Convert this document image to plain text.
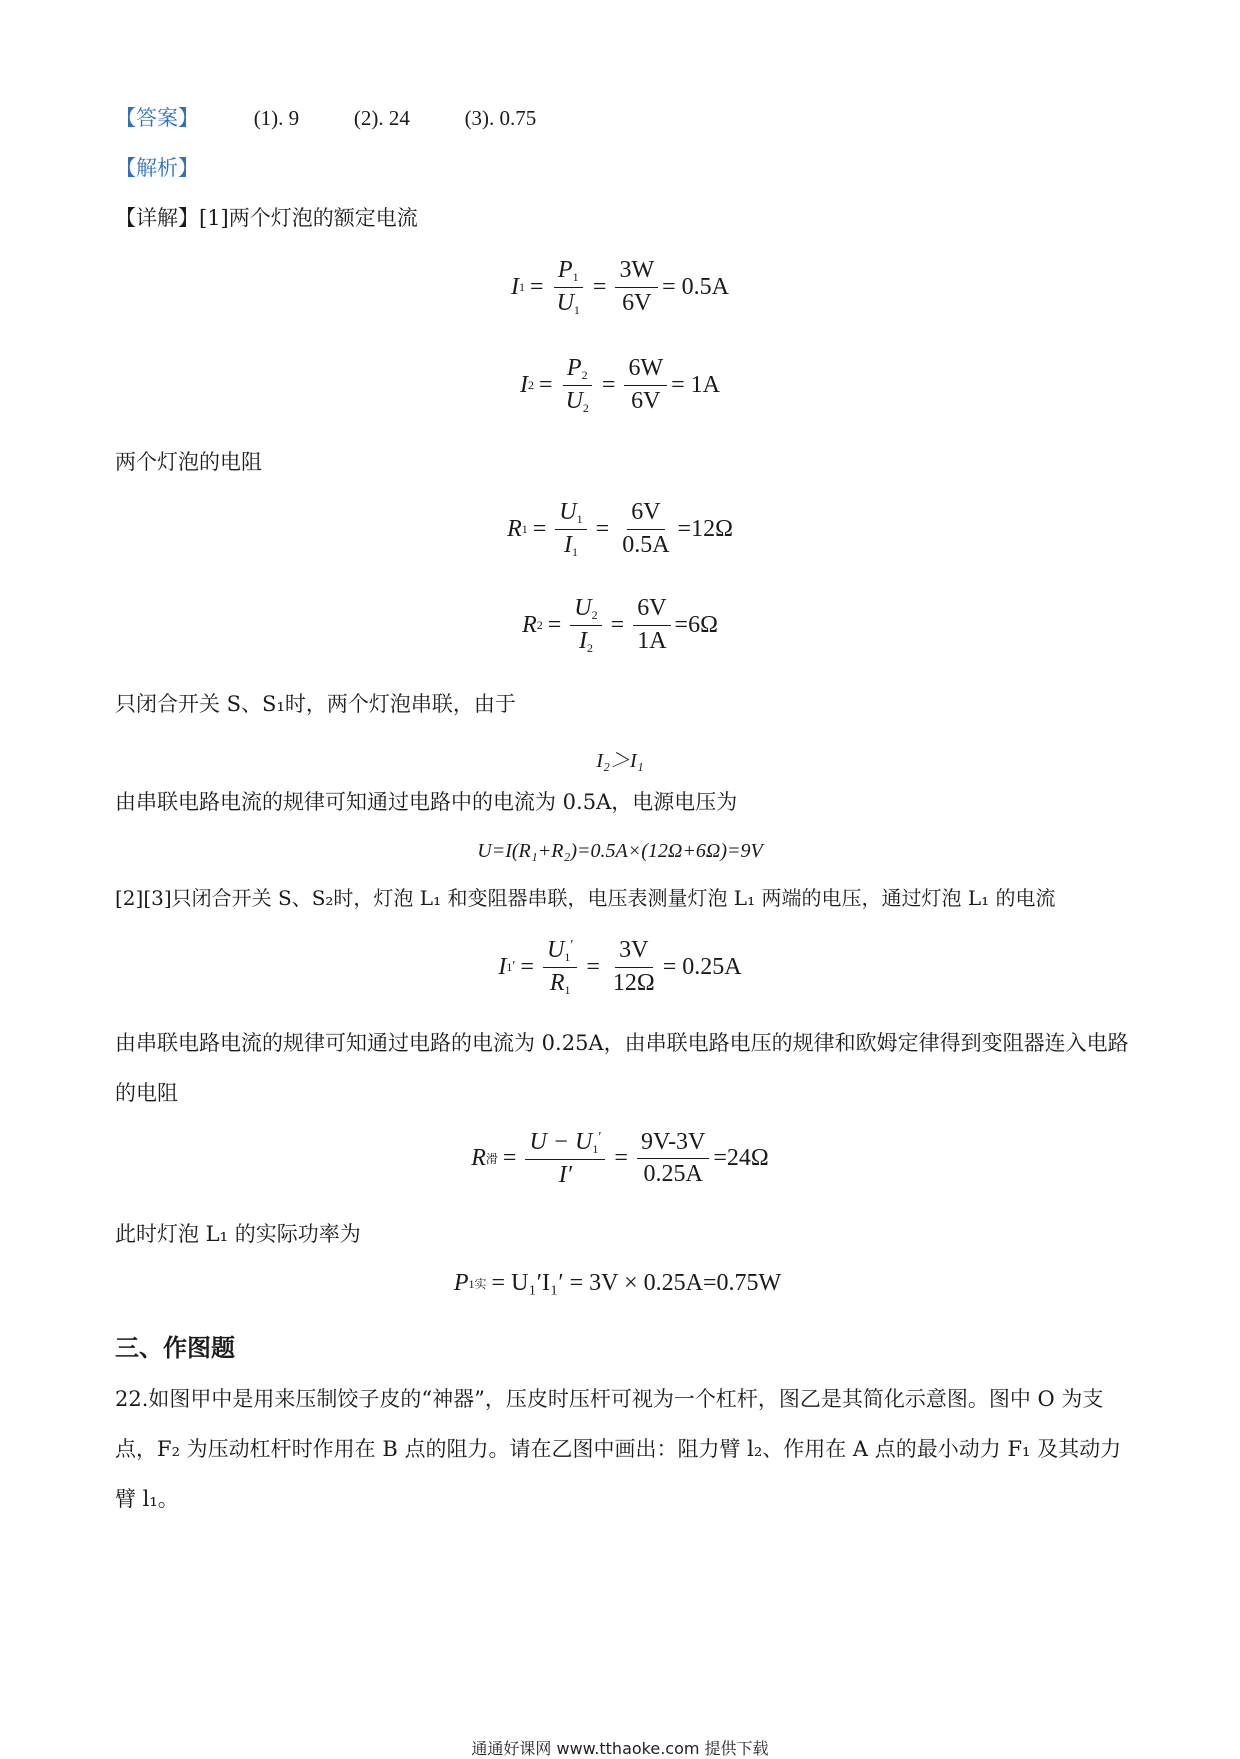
【答案】	(1). 9	(2). 24	(3). 0.75
【解析】
【详解】[1]两个灯泡的额定电流
I $1 = \frac{P_1}{U_1} = \frac{3W}{6V} = 0.5A$
I $2 = \frac{P_2}{U_2} = \frac{6W}{6V} = 1A$
两个灯泡的电阻
R $1 = \frac{U_1}{I_1} = \frac{6V}{0.5A} =12\Omega$
R $2 = \frac{U_2}{I_2} = \frac{6V}{1A} =6\Omega$
只闭合开关 S、S₁时，两个灯泡串联，由于
I₂＞I₁
由串联电路电流的规律可知通过电路中的电流为 0.5A，电源电压为
U=I(R₁+R₂)=0.5A×(12Ω+6Ω)=9V
[2][3]只闭合开关 S、S₂时，灯泡 L₁ 和变阻器串联，电压表测量灯泡 L₁ 两端的电压，通过灯泡 L₁ 的电流
I 1 ′ = $\frac{U_1'}{R_1} = \frac{3V}{12\Omega} = 0.25A$
由串联电路电流的规律可知通过电路的电流为 0.25A，由串联电路电压的规律和欧姆定律得到变阻器连入电路的电阻
R 滑 = $\frac{U - U_1'}{I'} = \frac{9V-3V}{0.25A} =24\Omega$
此时灯泡 L₁ 的实际功率为
P 1实 = U₁′I₁′ = 3V × 0.25A=0.75W
三、作图题
22.如图甲中是用来压制饺子皮的“神器”，压皮时压杆可视为一个杠杆，图乙是其简化示意图。图中 O 为支点，F₂ 为压动杠杆时作用在 B 点的阻力。请在乙图中画出：阻力臂 l₂、作用在 A 点的最小动力 F₁ 及其动力臂 l₁。
通通好课网 www.tthaoke.com 提供下载
